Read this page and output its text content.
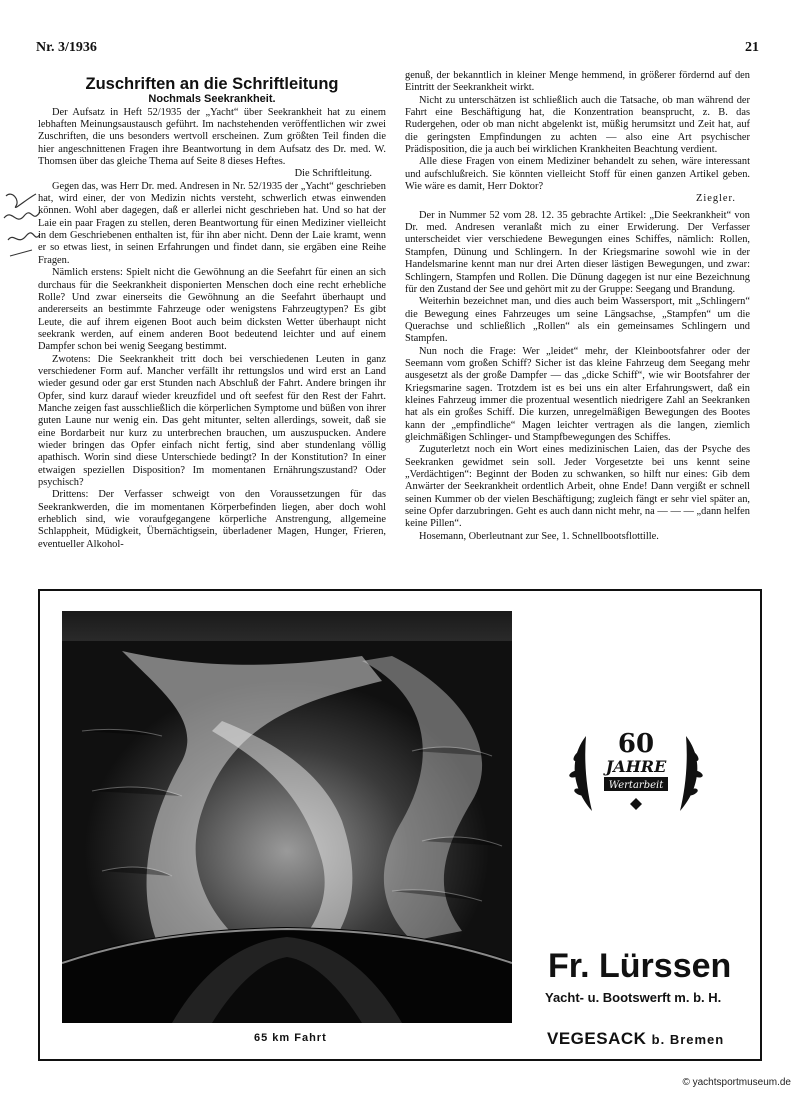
Nr. 3/1936	21
Zuschriften an die Schriftleitung
Nochmals Seekrankheit.

Der Aufsatz in Heft 52/1935 der „Yacht“ über Seekrankheit hat zu einem lebhaften Meinungsaustausch geführt. Im nachstehenden veröffentlichen wir zwei Zuschriften, die uns besonders wertvoll erscheinen. Zum größten Teil finden die hier angeschnittenen Fragen ihre Beantwortung in dem Aufsatz des Dr. med. W. Thomsen über das gleiche Thema auf Seite 8 dieses Heftes.

Die Schriftleitung.

Gegen das, was Herr Dr. med. Andresen in Nr. 52/1935 der „Yacht“ geschrieben hat, wird einer, der von Medizin nichts versteht, schwerlich etwas einwenden können. Wohl aber dagegen, daß er allerlei nicht geschrieben hat. Und so hat der Laie ein paar Fragen zu stellen, deren Beantwortung für einen Mediziner vielleicht in dem Geschriebenen enthalten ist, für ihn aber nicht. Denn der Laie kramt, wenn er so etwas liest, in seinen Erfahrungen und findet dann, sie ergäben eine Reihe Fragen.

Nämlich erstens: Spielt nicht die Gewöhnung an die Seefahrt für einen an sich durchaus für die Seekrankheit disponierten Menschen doch eine recht erhebliche Rolle? Und zwar einerseits die Gewöhnung an die Seefahrt überhaupt und andererseits an bestimmte Fahrzeuge oder wenigstens Fahrzeugtypen? Es gibt Leute, die auf ihrem eigenen Boot auch beim dicksten Wetter überhaupt nicht seekrank werden, auf einem anderen Boot bedeutend leichter und auf einem Dampfer schon bei wenig Seegang bestimmt.

Zwotens: Die Seekrankheit tritt doch bei verschiedenen Leuten in ganz verschiedener Form auf. Mancher verfällt ihr rettungslos und wird erst an Land wieder gesund oder gar erst Stunden nach Abschluß der Fahrt. Andere bringen ihr Opfer, sind kurz darauf wieder kreuzfidel und oft seefest für den Rest der Fahrt. Manche zeigen fast ausschließlich die körperlichen Symptome und büßen von ihrer guten Laune nur wenig ein. Das geht mitunter, selten allerdings, soweit, daß sie eine Bordarbeit nur kurz zu unterbrechen brauchen, um auszuspucken. Andere wieder bringen das Opfer einfach nicht fertig, sind aber stundenlang völlig apathisch. Worin sind diese Unterschiede bedingt? In der Konstitution? In einer etwaigen speziellen Disposition? Im momentanen Ernährungszustand? Oder psychisch?

Drittens: Der Verfasser schweigt von den Voraussetzungen für das Seekrankwerden, die im momentanen Körperbefinden liegen, aber doch wohl erheblich sind, wie voraufgegangene körperliche Anstrengung, allgemeine Schlappheit, Müdigkeit, Übernächtigsein, überladener Magen, Hunger, Frieren, eventueller Alkohol-

genuß, der bekanntlich in kleiner Menge hemmend, in größerer fördernd auf den Eintritt der Seekrankheit wirkt.

Nicht zu unterschätzen ist schließlich auch die Tatsache, ob man während der Fahrt eine Beschäftigung hat, die Konzentration beansprucht, z. B. das Rudergehen, oder ob man nicht abgelenkt ist, müßig herumsitzt und Zeit hat, auf die geringsten Empfindungen zu achten — also eine Art psychischer Prädisposition, die ja auch bei wirklichen Krankheiten Beachtung verdient.

Alle diese Fragen von einem Mediziner behandelt zu sehen, wäre interessant und aufschlußreich. Sie könnten vielleicht Stoff für einen ganzen Artikel geben. Wie wäre es damit, Herr Doktor?

Ziegler.

Der in Nummer 52 vom 28. 12. 35 gebrachte Artikel: „Die Seekrankheit“ von Dr. med. Andresen veranlaßt mich zu einer Erwiderung. Der Verfasser unterscheidet vier verschiedene Bewegungen eines Schiffes, nämlich: Rollen, Stampfen, Dünung und Schlingern. In der Kriegsmarine sowohl wie in der Handelsmarine kennt man nur drei Arten dieser lästigen Bewegungen, und zwar: Schlingern, Stampfen und Rollen. Die Dünung dagegen ist nur eine Bezeichnung für den Zustand der See und gehört mit zu der Gruppe: Seegang und Brandung.

Weiterhin bezeichnet man, und dies auch beim Wassersport, mit „Schlingern“ die Bewegung eines Fahrzeuges um seine Längsachse, „Stampfen“ um die Querachse und schließlich „Rollen“ als ein gemeinsames Schlingern und Stampfen.

Nun noch die Frage: Wer „leidet“ mehr, der Kleinbootsfahrer oder der Seemann vom großen Schiff? Sicher ist das kleine Fahrzeug dem Seegang mehr ausgesetzt als der große Dampfer — das „dicke Schiff“, wie wir Bootsfahrer der Kriegsmarine sagen. Trotzdem ist es bei uns ein alter Erfahrungswert, daß ein kleines Fahrzeug immer die prozentual wesentlich niedrigere Zahl an Seekranken hat als ein großes Schiff. Die kurzen, unregelmäßigen Bewegungen des Bootes kann der „empfindliche“ Magen leichter vertragen als die langen, ziemlich gleichmäßigen Schlinger- und Stampfbewegungen des Schiffes.

Zuguterletzt noch ein Wort eines medizinischen Laien, das der Psyche des Seekranken gewidmet sein soll. Jeder Vorgesetzte bei uns kennt seine „Verdächtigen“: Beginnt der Boden zu schwanken, so hilft nur eines: Gib dem Anwärter der Seekrankheit ordentlich Arbeit, ohne Ende! Dann vergißt er schnell seinen Kummer ob der vielen Beschäftigung; zugleich fängt er sehr viel später an, seine Opfer darzubringen. Geht es auch dann nicht mehr, na — — — „dann helfen keine Pillen“.

Hosemann, Oberleutnant zur See, 1. Schnellbootsflottille.

65 km Fahrt
60
JAHRE
Wertarbeit
Fr. Lürssen
Yacht- u. Bootswerft m. b. H.
VEGESACK b. Bremen
© yachtsportmuseum.de
